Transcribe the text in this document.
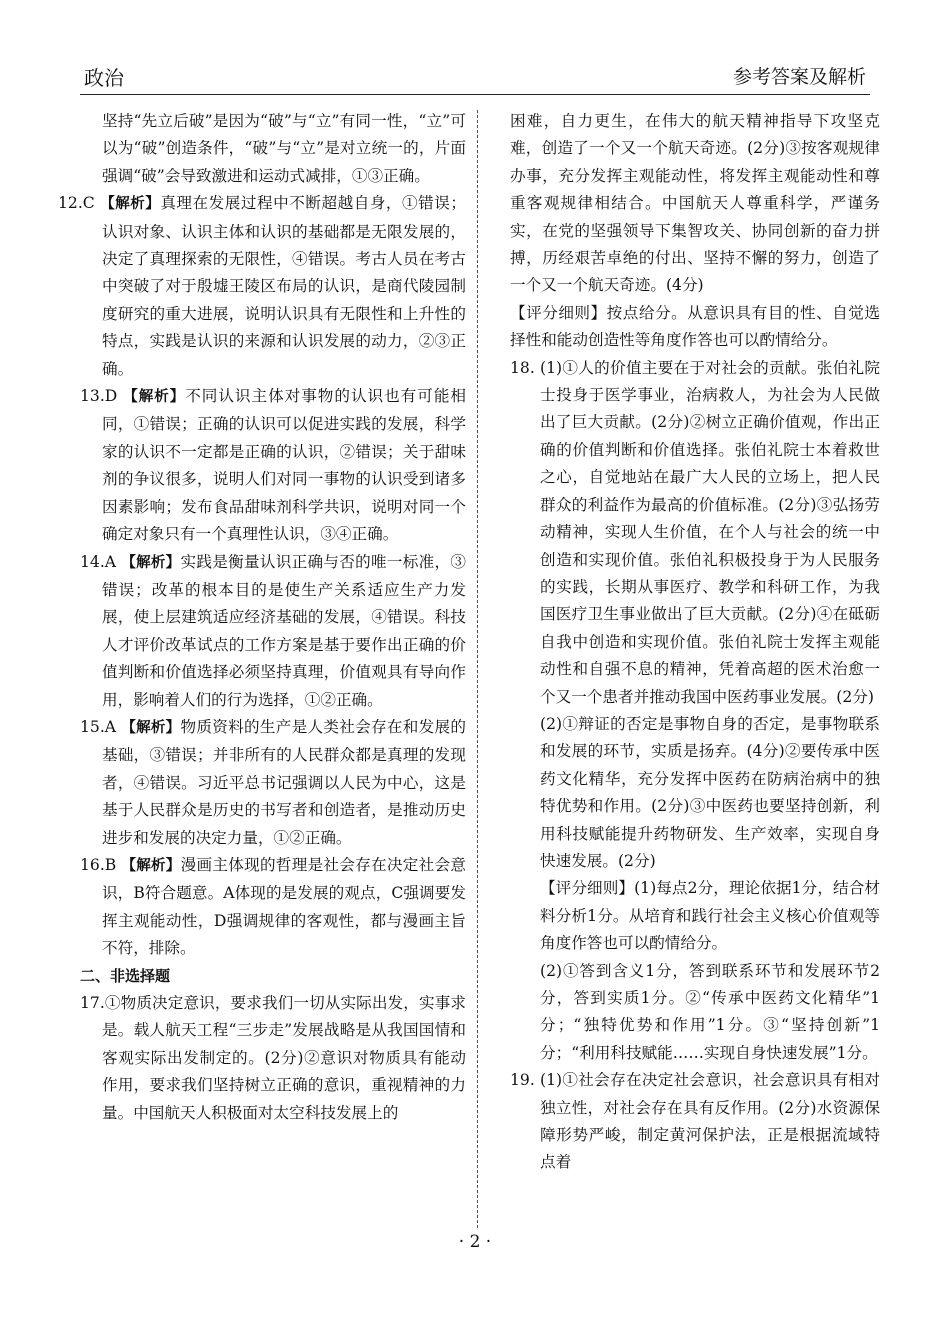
政治	参考答案及解析

坚持“先立后破”是因为“破”与“立”有同一性，“立”可以为“破”创造条件，“破”与“立”是对立统一的，片面强调“破”会导致激进和运动式减排，①③正确。

12.C 【解析】真理在发展过程中不断超越自身，①错误；认识对象、认识主体和认识的基础都是无限发展的，决定了真理探索的无限性，④错误。考古人员在考古中突破了对于殷墟王陵区布局的认识，是商代陵园制度研究的重大进展，说明认识具有无限性和上升性的特点，实践是认识的来源和认识发展的动力，②③正确。

13.D 【解析】不同认识主体对事物的认识也有可能相同，①错误；正确的认识可以促进实践的发展，科学家的认识不一定都是正确的认识，②错误；关于甜味剂的争议很多，说明人们对同一事物的认识受到诸多因素影响；发布食品甜味剂科学共识，说明对同一个确定对象只有一个真理性认识，③④正确。

14.A 【解析】实践是衡量认识正确与否的唯一标准，③错误；改革的根本目的是使生产关系适应生产力发展，使上层建筑适应经济基础的发展，④错误。科技人才评价改革试点的工作方案是基于要作出正确的价值判断和价值选择必须坚持真理，价值观具有导向作用，影响着人们的行为选择，①②正确。

15.A 【解析】物质资料的生产是人类社会存在和发展的基础，③错误；并非所有的人民群众都是真理的发现者，④错误。习近平总书记强调以人民为中心，这是基于人民群众是历史的书写者和创造者，是推动历史进步和发展的决定力量，①②正确。

16.B 【解析】漫画主体现的哲理是社会存在决定社会意识，B符合题意。A体现的是发展的观点，C强调要发挥主观能动性，D强调规律的客观性，都与漫画主旨不符，排除。

二、非选择题

17.①物质决定意识，要求我们一切从实际出发，实事求是。载人航天工程“三步走”发展战略是从我国国情和客观实际出发制定的。(2分)②意识对物质具有能动作用，要求我们坚持树立正确的意识，重视精神的力量。中国航天人积极面对太空科技发展上的

困难，自力更生，在伟大的航天精神指导下攻坚克难，创造了一个又一个航天奇迹。(2分)③按客观规律办事，充分发挥主观能动性，将发挥主观能动性和尊重客观规律相结合。中国航天人尊重科学，严谨务实，在党的坚强领导下集智攻关、协同创新的奋力拼搏，历经艰苦卓绝的付出、坚持不懈的努力，创造了一个又一个航天奇迹。(4分)

【评分细则】按点给分。从意识具有目的性、自觉选择性和能动创造性等角度作答也可以酌情给分。

18. (1)①人的价值主要在于对社会的贡献。张伯礼院士投身于医学事业，治病救人，为社会为人民做出了巨大贡献。(2分)②树立正确价值观，作出正确的价值判断和价值选择。张伯礼院士本着救世之心，自觉地站在最广大人民的立场上，把人民群众的利益作为最高的价值标准。(2分)③弘扬劳动精神，实现人生价值，在个人与社会的统一中创造和实现价值。张伯礼积极投身于为人民服务的实践，长期从事医疗、教学和科研工作，为我国医疗卫生事业做出了巨大贡献。(2分)④在砥砺自我中创造和实现价值。张伯礼院士发挥主观能动性和自强不息的精神，凭着高超的医术治愈一个又一个患者并推动我国中医药事业发展。(2分)

(2)①辩证的否定是事物自身的否定，是事物联系和发展的环节，实质是扬弃。(4分)②要传承中医药文化精华，充分发挥中医药在防病治病中的独特优势和作用。(2分)③中医药也要坚持创新，利用科技赋能提升药物研发、生产效率，实现自身快速发展。(2分)

【评分细则】(1)每点2分，理论依据1分，结合材料分析1分。从培育和践行社会主义核心价值观等角度作答也可以酌情给分。

(2)①答到含义1分，答到联系环节和发展环节2分，答到实质1分。②“传承中医药文化精华”1分；“独特优势和作用”1分。③“坚持创新”1分；“利用科技赋能……实现自身快速发展”1分。

19. (1)①社会存在决定社会意识，社会意识具有相对独立性，对社会存在具有反作用。(2分)水资源保障形势严峻，制定黄河保护法，正是根据流域特点着

· 2 ·
